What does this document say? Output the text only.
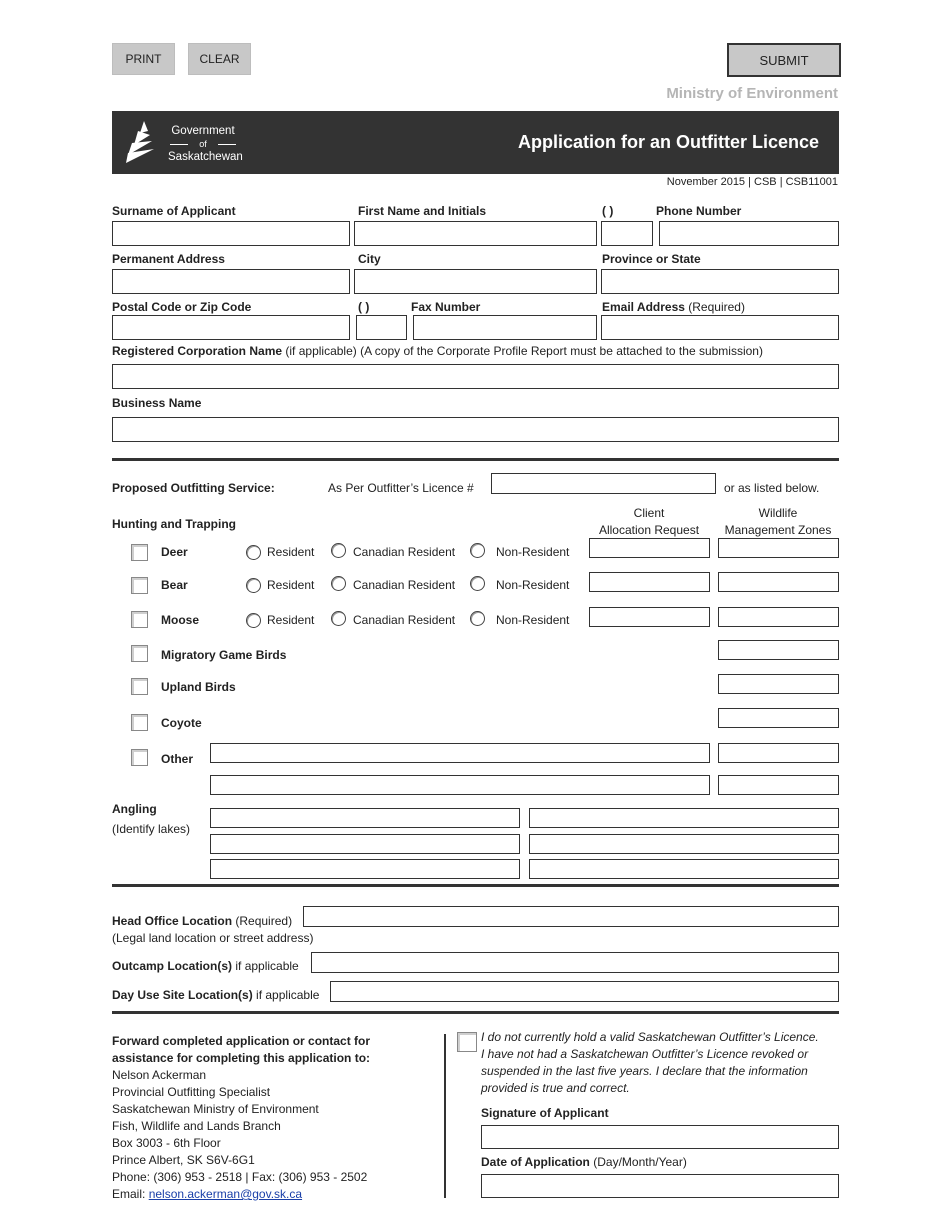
PRINT	CLEAR	SUBMIT
Ministry of Environment
Government
of
Saskatchewan
Application for an Outfitter Licence
November 2015 | CSB | CSB11001
Surname of Applicant	First Name and Initials	( )	Phone Number
Permanent Address	City	Province or State
Postal Code or Zip Code	( )	Fax Number	Email Address (Required)
Registered Corporation Name (if applicable) (A copy of the Corporate Profile Report must be attached to the submission)
Business Name
Proposed Outfitting Service:	As Per Outfitter’s Licence #	or as listed below.
Hunting and Trapping
Client
Allocation Request
Wildlife
Management Zones
Deer	Resident	Canadian Resident	Non-Resident
Bear	Resident	Canadian Resident	Non-Resident
Moose	Resident	Canadian Resident	Non-Resident
Migratory Game Birds
Upland Birds
Coyote
Other
Angling
(Identify lakes)
Head Office Location (Required)
(Legal land location or street address)
Outcamp Location(s) if applicable
Day Use Site Location(s) if applicable
Forward completed application or contact for
assistance for completing this application to:
Nelson Ackerman
Provincial Outfitting Specialist
Saskatchewan Ministry of Environment
Fish, Wildlife and Lands Branch
Box 3003 - 6th Floor
Prince Albert, SK S6V-6G1
Phone: (306) 953 - 2518 | Fax: (306) 953 - 2502
Email: nelson.ackerman@gov.sk.ca
I do not currently hold a valid Saskatchewan Outfitter’s Licence.
I have not had a Saskatchewan Outfitter’s Licence revoked or
suspended in the last five years. I declare that the information
provided is true and correct.
Signature of Applicant
Date of Application (Day/Month/Year)
